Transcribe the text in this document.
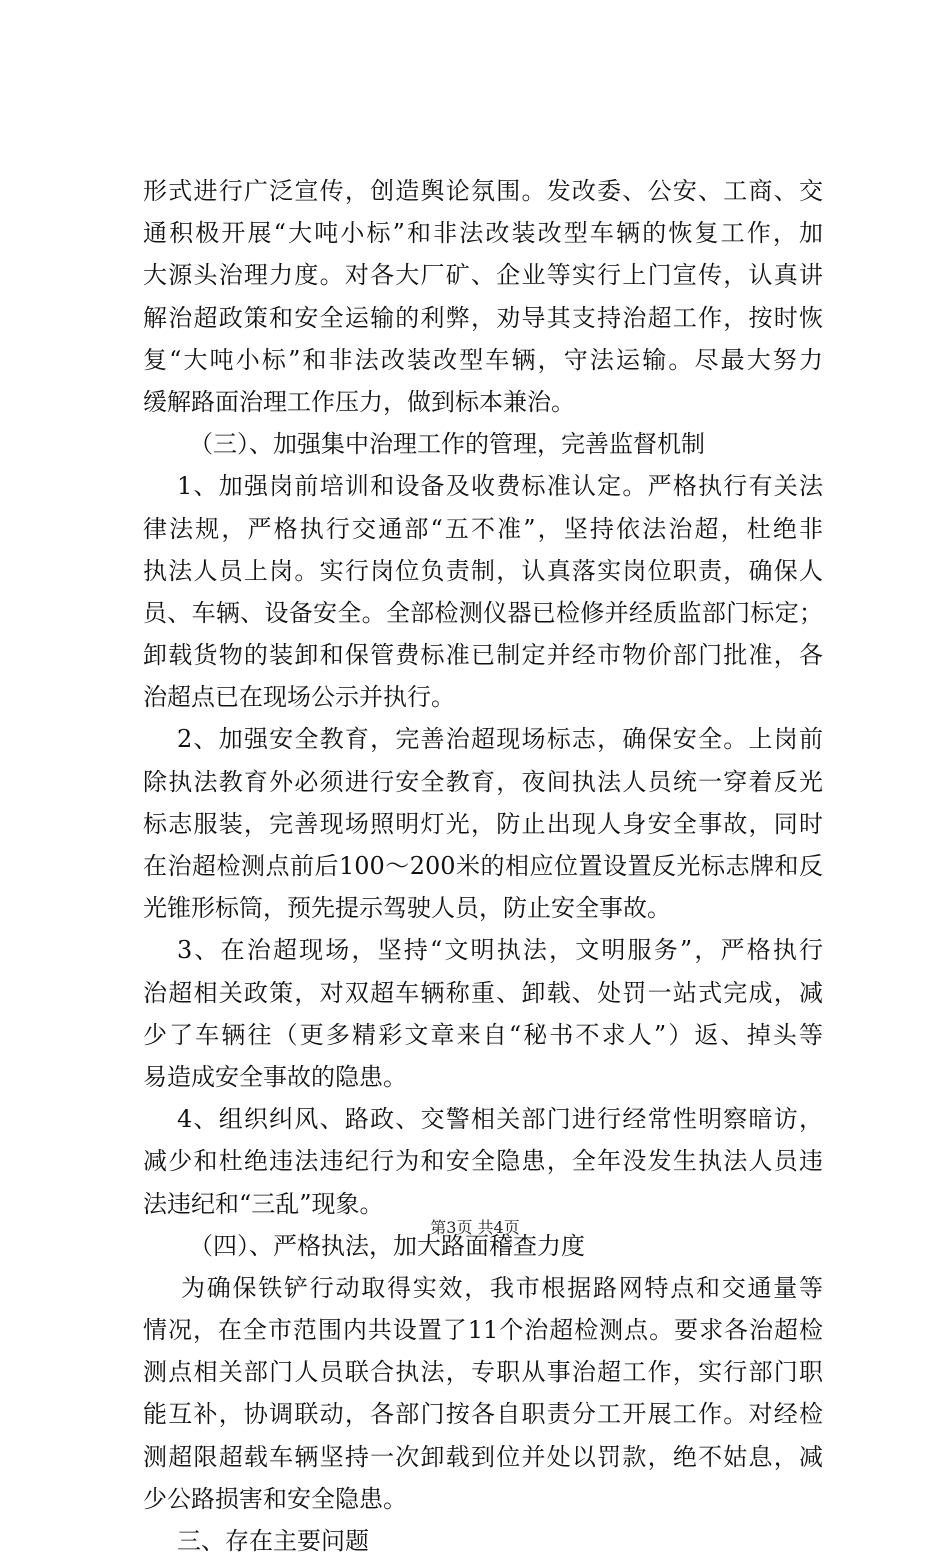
形式进行广泛宣传，创造舆论氛围。发改委、公安、工商、交
通积极开展“大吨小标”和非法改装改型车辆的恢复工作，加
大源头治理力度。对各大厂矿、企业等实行上门宣传，认真讲
解治超政策和安全运输的利弊，劝导其支持治超工作，按时恢
复“大吨小标”和非法改装改型车辆，守法运输。尽最大努力
缓解路面治理工作压力，做到标本兼治。
（三）、加强集中治理工作的管理，完善监督机制
1、加强岗前培训和设备及收费标准认定。严格执行有关法
律法规，严格执行交通部“五不准”，坚持依法治超，杜绝非
执法人员上岗。实行岗位负责制，认真落实岗位职责，确保人
员、车辆、设备安全。全部检测仪器已检修并经质监部门标定；
卸载货物的装卸和保管费标准已制定并经市物价部门批准，各
治超点已在现场公示并执行。
2、加强安全教育，完善治超现场标志，确保安全。上岗前
除执法教育外必须进行安全教育，夜间执法人员统一穿着反光
标志服装，完善现场照明灯光，防止出现人身安全事故，同时
在治超检测点前后100～200米的相应位置设置反光标志牌和反
光锥形标筒，预先提示驾驶人员，防止安全事故。
3、在治超现场，坚持“文明执法，文明服务”，严格执行
治超相关政策，对双超车辆称重、卸载、处罚一站式完成，减
少了车辆往（更多精彩文章来自“秘书不求人”）返、掉头等
易造成安全事故的隐患。
4、组织纠风、路政、交警相关部门进行经常性明察暗访，
减少和杜绝违法违纪行为和安全隐患，全年没发生执法人员违
法违纪和“三乱”现象。
（四）、严格执法，加大路面稽查力度
为确保铁铲行动取得实效，我市根据路网特点和交通量等
情况，在全市范围内共设置了11个治超检测点。要求各治超检
测点相关部门人员联合执法，专职从事治超工作，实行部门职
能互补，协调联动，各部门按各自职责分工开展工作。对经检
测超限超载车辆坚持一次卸载到位并处以罚款，绝不姑息，减
少公路损害和安全隐患。
三、存在主要问题
第3页 共4页
